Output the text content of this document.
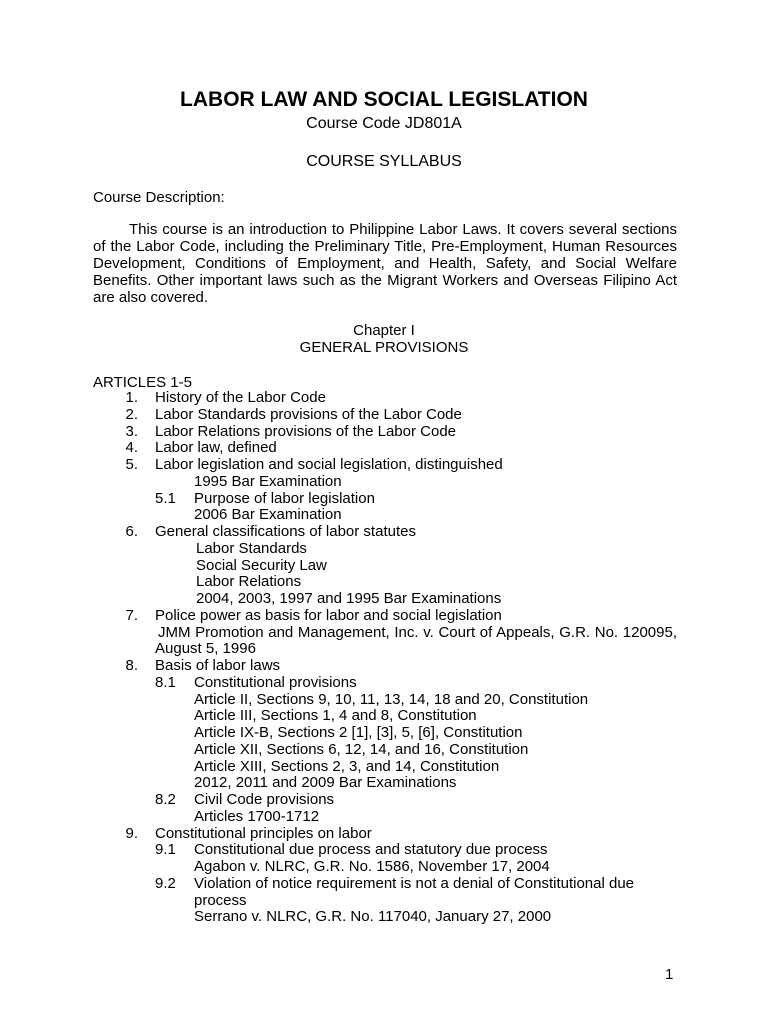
LABOR LAW AND SOCIAL LEGISLATION
Course Code JD801A
COURSE SYLLABUS
Course Description:

This course is an introduction to Philippine Labor Laws. It covers several sections of the Labor Code, including the Preliminary Title, Pre-Employment, Human Resources Development, Conditions of Employment, and Health, Safety, and Social Welfare Benefits. Other important laws such as the Migrant Workers and Overseas Filipino Act are also covered.

Chapter I
GENERAL PROVISIONS
ARTICLES 1-5
1. History of the Labor Code
2. Labor Standards provisions of the Labor Code
3. Labor Relations provisions of the Labor Code
4. Labor law, defined
5. Labor legislation and social legislation, distinguished
1995 Bar Examination
5.1 Purpose of labor legislation
2006 Bar Examination
6. General classifications of labor statutes
Labor Standards
Social Security Law
Labor Relations
2004, 2003, 1997 and 1995 Bar Examinations
7. Police power as basis for labor and social legislation
JMM Promotion and Management, Inc. v. Court of Appeals, G.R. No. 120095, August 5, 1996
8. Basis of labor laws
8.1 Constitutional provisions
Article II, Sections 9, 10, 11, 13, 14, 18 and 20, Constitution
Article III, Sections 1, 4 and 8, Constitution
Article IX-B, Sections 2 [1], [3], 5, [6], Constitution
Article XII, Sections 6, 12, 14, and 16, Constitution
Article XIII, Sections 2, 3, and 14, Constitution
2012, 2011 and 2009 Bar Examinations
8.2 Civil Code provisions
Articles 1700-1712
9. Constitutional principles on labor
9.1 Constitutional due process and statutory due process
Agabon v. NLRC, G.R. No. 1586, November 17, 2004
9.2 Violation of notice requirement is not a denial of Constitutional due process
Serrano v. NLRC, G.R. No. 117040, January 27, 2000
1
